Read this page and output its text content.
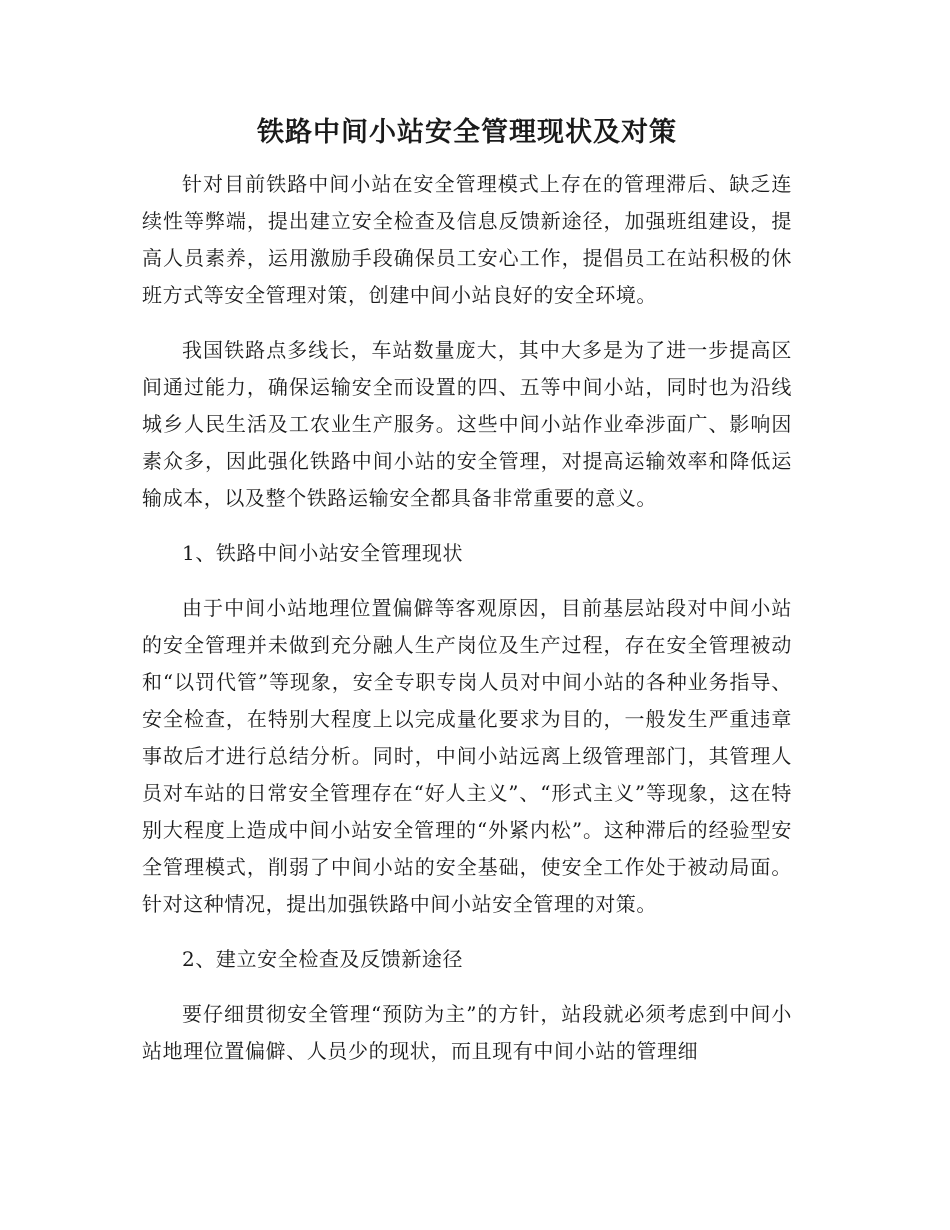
铁路中间小站安全管理现状及对策

针对目前铁路中间小站在安全管理模式上存在的管理滞后、缺乏连续性等弊端，提出建立安全检查及信息反馈新途径，加强班组建设，提高人员素养，运用激励手段确保员工安心工作，提倡员工在站积极的休班方式等安全管理对策，创建中间小站良好的安全环境。

我国铁路点多线长，车站数量庞大，其中大多是为了进一步提高区间通过能力，确保运输安全而设置的四、五等中间小站，同时也为沿线城乡人民生活及工农业生产服务。这些中间小站作业牵涉面广、影响因素众多，因此强化铁路中间小站的安全管理，对提高运输效率和降低运输成本，以及整个铁路运输安全都具备非常重要的意义。

1、铁路中间小站安全管理现状

由于中间小站地理位置偏僻等客观原因，目前基层站段对中间小站的安全管理并未做到充分融人生产岗位及生产过程，存在安全管理被动和“以罚代管”等现象，安全专职专岗人员对中间小站的各种业务指导、安全检查，在特别大程度上以完成量化要求为目的，一般发生严重违章事故后才进行总结分析。同时，中间小站远离上级管理部门，其管理人员对车站的日常安全管理存在“好人主义”、“形式主义”等现象，这在特别大程度上造成中间小站安全管理的“外紧内松”。这种滞后的经验型安全管理模式，削弱了中间小站的安全基础，使安全工作处于被动局面。针对这种情况，提出加强铁路中间小站安全管理的对策。

2、建立安全检查及反馈新途径

要仔细贯彻安全管理“预防为主”的方针，站段就必须考虑到中间小站地理位置偏僻、人员少的现状，而且现有中间小站的管理细
